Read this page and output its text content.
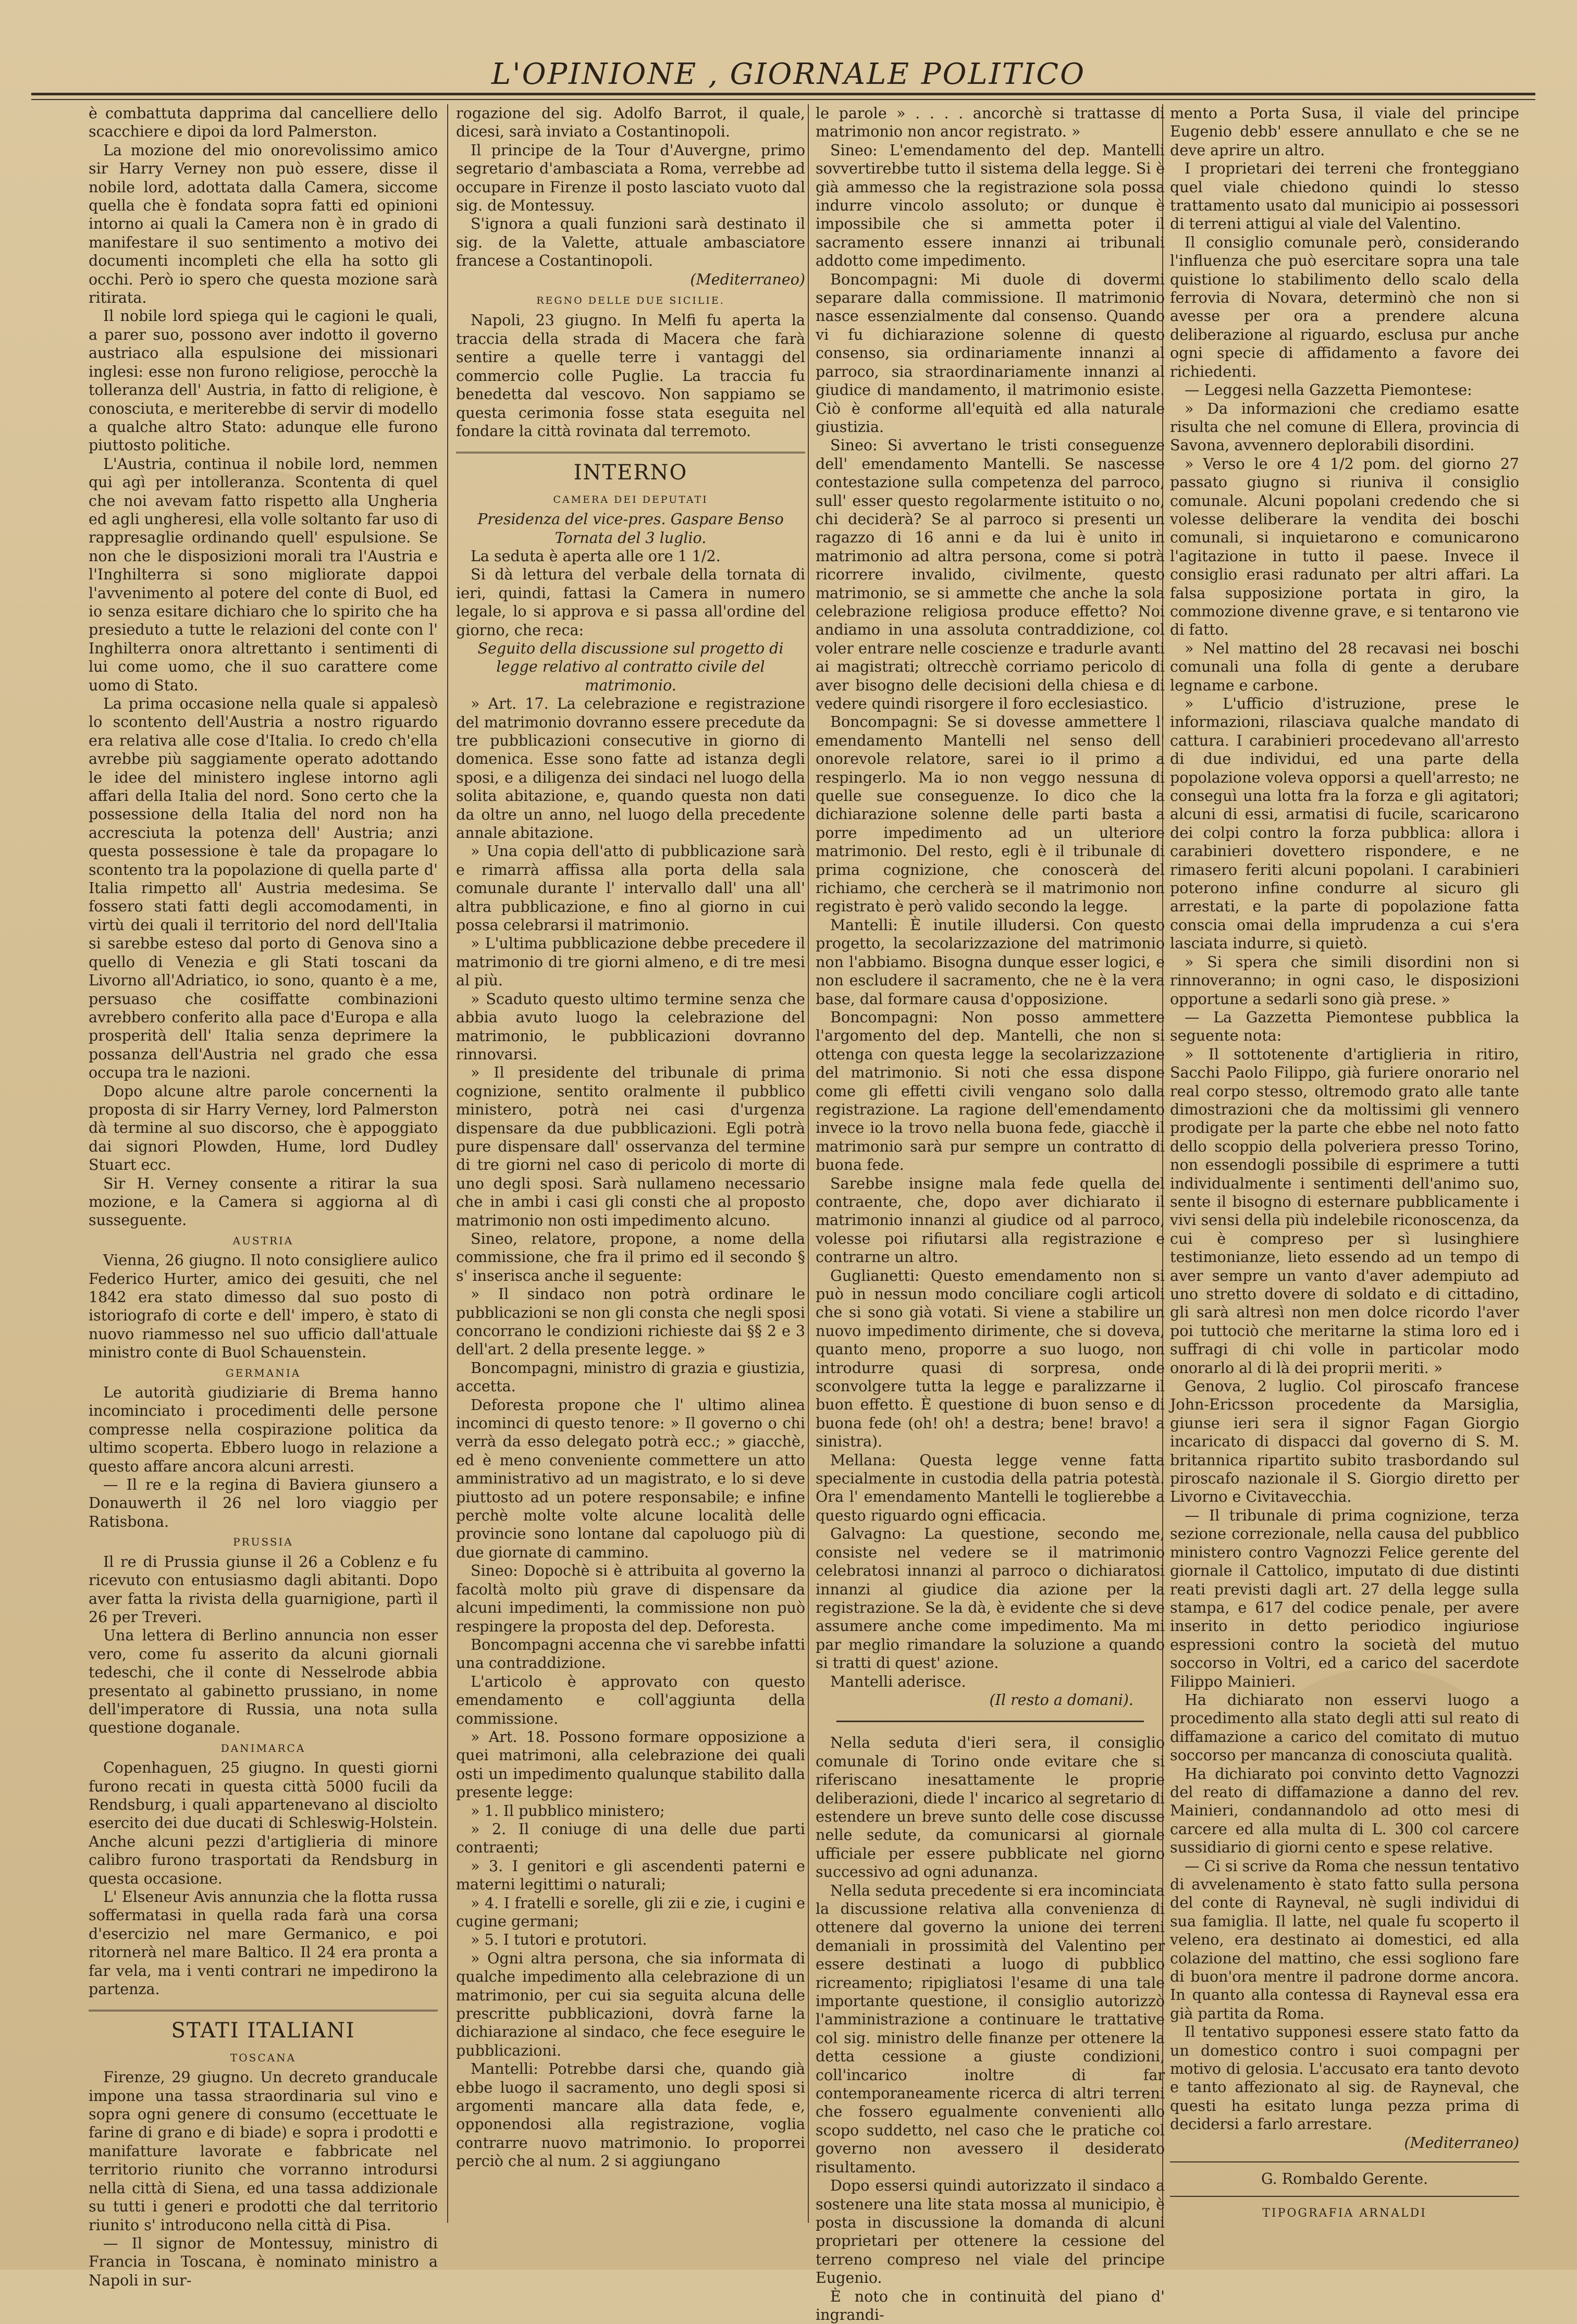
L'OPINIONE , GIORNALE POLITICO

è combattuta dapprima dal cancelliere dello scacchiere e dipoi da lord Palmerston.

La mozione del mio onorevolissimo amico sir Harry Verney non può essere, disse il nobile lord, adottata dalla Camera, siccome quella che è fondata sopra fatti ed opinioni intorno ai quali la Camera non è in grado di manifestare il suo sentimento a motivo dei documenti incompleti che ella ha sotto gli occhi. Però io spero che questa mozione sarà ritirata.

Il nobile lord spiega qui le cagioni le quali, a parer suo, possono aver indotto il governo austriaco alla espulsione dei missionari inglesi: esse non furono religiose, perocchè la tolleranza dell' Austria, in fatto di religione, è conosciuta, e meriterebbe di servir di modello a qualche altro Stato: adunque elle furono piuttosto politiche.

L'Austria, continua il nobile lord, nemmen qui agì per intolleranza. Scontenta di quel che noi avevam fatto rispetto alla Ungheria ed agli ungheresi, ella volle soltanto far uso di rappresaglie ordinando quell' espulsione. Se non che le disposizioni morali tra l'Austria e l'Inghilterra si sono migliorate dappoi l'avvenimento al potere del conte di Buol, ed io senza esitare dichiaro che lo spirito che ha presieduto a tutte le relazioni del conte con l' Inghilterra onora altrettanto i sentimenti di lui come uomo, che il suo carattere come uomo di Stato.

La prima occasione nella quale si appalesò lo scontento dell'Austria a nostro riguardo era relativa alle cose d'Italia. Io credo ch'ella avrebbe più saggiamente operato adottando le idee del ministero inglese intorno agli affari della Italia del nord. Sono certo che la possessione della Italia del nord non ha accresciuta la potenza dell' Austria; anzi questa possessione è tale da propagare lo scontento tra la popolazione di quella parte d' Italia rimpetto all' Austria medesima. Se fossero stati fatti degli accomodamenti, in virtù dei quali il territorio del nord dell'Italia si sarebbe esteso dal porto di Genova sino a quello di Venezia e gli Stati toscani da Livorno all'Adriatico, io sono, quanto è a me, persuaso che cosiffatte combinazioni avrebbero conferito alla pace d'Europa e alla prosperità dell' Italia senza deprimere la possanza dell'Austria nel grado che essa occupa tra le nazioni.

Dopo alcune altre parole concernenti la proposta di sir Harry Verney, lord Palmerston dà termine al suo discorso, che è appoggiato dai signori Plowden, Hume, lord Dudley Stuart ecc.

Sir H. Verney consente a ritirar la sua mozione, e la Camera si aggiorna al dì susseguente.

AUSTRIA

Vienna, 26 giugno. Il noto consigliere aulico Federico Hurter, amico dei gesuiti, che nel 1842 era stato dimesso dal suo posto di istoriografo di corte e dell' impero, è stato di nuovo riammesso nel suo ufficio dall'attuale ministro conte di Buol Schauenstein.

GERMANIA

Le autorità giudiziarie di Brema hanno incominciato i procedimenti delle persone compresse nella cospirazione politica da ultimo scoperta. Ebbero luogo in relazione a questo affare ancora alcuni arresti.

— Il re e la regina di Baviera giunsero a Donauwerth il 26 nel loro viaggio per Ratisbona.

PRUSSIA

Il re di Prussia giunse il 26 a Coblenz e fu ricevuto con entusiasmo dagli abitanti. Dopo aver fatta la rivista della guarnigione, partì il 26 per Treveri.

Una lettera di Berlino annuncia non esser vero, come fu asserito da alcuni giornali tedeschi, che il conte di Nesselrode abbia presentato al gabinetto prussiano, in nome dell'imperatore di Russia, una nota sulla questione doganale.

DANIMARCA

Copenhaguen, 25 giugno. In questi giorni furono recati in questa città 5000 fucili da Rendsburg, i quali appartenevano al disciolto esercito dei due ducati di Schleswig-Holstein. Anche alcuni pezzi d'artiglieria di minore calibro furono trasportati da Rendsburg in questa occasione.

L' Elseneur Avis annunzia che la flotta russa soffermatasi in quella rada farà una corsa d'esercizio nel mare Germanico, e poi ritornerà nel mare Baltico. Il 24 era pronta a far vela, ma i venti contrari ne impedirono la partenza.

STATI ITALIANI
TOSCANA

Firenze, 29 giugno. Un decreto granducale impone una tassa straordinaria sul vino e sopra ogni genere di consumo (eccettuate le farine di grano e di biade) e sopra i prodotti e manifatture lavorate e fabbricate nel territorio riunito che vorranno introdursi nella città di Siena, ed una tassa addizionale su tutti i generi e prodotti che dal territorio riunito s' introducono nella città di Pisa.

— Il signor de Montessuy, ministro di Francia in Toscana, è nominato ministro a Napoli in sur-

rogazione del sig. Adolfo Barrot, il quale, dicesi, sarà inviato a Costantinopoli.

Il principe de la Tour d'Auvergne, primo segretario d'ambasciata a Roma, verrebbe ad occupare in Firenze il posto lasciato vuoto dal sig. de Montessuy.

S'ignora a quali funzioni sarà destinato il sig. de la Valette, attuale ambasciatore francese a Costantinopoli.

(Mediterraneo)
REGNO DELLE DUE SICILIE.

Napoli, 23 giugno. In Melfi fu aperta la traccia della strada di Macera che farà sentire a quelle terre i vantaggi del commercio colle Puglie. La traccia fu benedetta dal vescovo. Non sappiamo se questa cerimonia fosse stata eseguita nel fondare la città rovinata dal terremoto.

INTERNO
CAMERA DEI DEPUTATI
Presidenza del vice-pres. Gaspare Benso
Tornata del 3 luglio.

La seduta è aperta alle ore 1 1/2.

Si dà lettura del verbale della tornata di ieri, quindi, fattasi la Camera in numero legale, lo si approva e si passa all'ordine del giorno, che reca:

Seguito della discussione sul progetto di legge relativo al contratto civile del matrimonio.

» Art. 17. La celebrazione e registrazione del matrimonio dovranno essere precedute da tre pubblicazioni consecutive in giorno di domenica. Esse sono fatte ad istanza degli sposi, e a diligenza dei sindaci nel luogo della solita abitazione, e, quando questa non dati da oltre un anno, nel luogo della precedente annale abitazione.

» Una copia dell'atto di pubblicazione sarà e rimarrà affissa alla porta della sala comunale durante l' intervallo dall' una all' altra pubblicazione, e fino al giorno in cui possa celebrarsi il matrimonio.

» L'ultima pubblicazione debbe precedere il matrimonio di tre giorni almeno, e di tre mesi al più.

» Scaduto questo ultimo termine senza che abbia avuto luogo la celebrazione del matrimonio, le pubblicazioni dovranno rinnovarsi.

» Il presidente del tribunale di prima cognizione, sentito oralmente il pubblico ministero, potrà nei casi d'urgenza dispensare da due pubblicazioni. Egli potrà pure dispensare dall' osservanza del termine di tre giorni nel caso di pericolo di morte di uno degli sposi. Sarà nullameno necessario che in ambi i casi gli consti che al proposto matrimonio non osti impedimento alcuno.

Sineo, relatore, propone, a nome della commissione, che fra il primo ed il secondo § s' inserisca anche il seguente:

» Il sindaco non potrà ordinare le pubblicazioni se non gli consta che negli sposi concorrano le condizioni richieste dai §§ 2 e 3 dell'art. 2 della presente legge. »

Boncompagni, ministro di grazia e giustizia, accetta.

Deforesta propone che l' ultimo alinea incominci di questo tenore: » Il governo o chi verrà da esso delegato potrà ecc.; » giacchè, ed è meno conveniente commettere un atto amministrativo ad un magistrato, e lo si deve piuttosto ad un potere responsabile; e infine perchè molte volte alcune località delle provincie sono lontane dal capoluogo più di due giornate di cammino.

Sineo: Dopochè si è attribuita al governo la facoltà molto più grave di dispensare da alcuni impedimenti, la commissione non può respingere la proposta del dep. Deforesta.

Boncompagni accenna che vi sarebbe infatti una contraddizione.

L'articolo è approvato con questo emendamento e coll'aggiunta della commissione.

» Art. 18. Possono formare opposizione a quei matrimoni, alla celebrazione dei quali osti un impedimento qualunque stabilito dalla presente legge:

» 1. Il pubblico ministero;

» 2. Il coniuge di una delle due parti contraenti;

» 3. I genitori e gli ascendenti paterni e materni legittimi o naturali;

» 4. I fratelli e sorelle, gli zii e zie, i cugini e cugine germani;

» 5. I tutori e protutori.

» Ogni altra persona, che sia informata di qualche impedimento alla celebrazione di un matrimonio, per cui sia seguita alcuna delle prescritte pubblicazioni, dovrà farne la dichiarazione al sindaco, che fece eseguire le pubblicazioni.

Mantelli: Potrebbe darsi che, quando già ebbe luogo il sacramento, uno degli sposi si argomenti mancare alla data fede, e, opponendosi alla registrazione, voglia contrarre nuovo matrimonio. Io proporrei perciò che al num. 2 si aggiungano

le parole » . . . . ancorchè si trattasse di matrimonio non ancor registrato. »

Sineo: L'emendamento del dep. Mantelli sovvertirebbe tutto il sistema della legge. Si è già ammesso che la registrazione sola possa indurre vincolo assoluto; or dunque è impossibile che si ammetta poter il sacramento essere innanzi ai tribunali addotto come impedimento.

Boncompagni: Mi duole di dovermi separare dalla commissione. Il matrimonio nasce essenzialmente dal consenso. Quando vi fu dichiarazione solenne di questo consenso, sia ordinariamente innanzi al parroco, sia straordinariamente innanzi al giudice di mandamento, il matrimonio esiste. Ciò è conforme all'equità ed alla naturale giustizia.

Sineo: Si avvertano le tristi conseguenze dell' emendamento Mantelli. Se nascesse contestazione sulla competenza del parroco, sull' esser questo regolarmente istituito o no, chi deciderà? Se al parroco si presenti un ragazzo di 16 anni e da lui è unito in matrimonio ad altra persona, come si potrà ricorrere invalido, civilmente, questo matrimonio, se si ammette che anche la sola celebrazione religiosa produce effetto? Noi andiamo in una assoluta contraddizione, col voler entrare nelle coscienze e tradurle avanti ai magistrati; oltrecchè corriamo pericolo di aver bisogno delle decisioni della chiesa e di vedere quindi risorgere il foro ecclesiastico.

Boncompagni: Se si dovesse ammettere l' emendamento Mantelli nel senso dell' onorevole relatore, sarei io il primo a respingerlo. Ma io non veggo nessuna di quelle sue conseguenze. Io dico che la dichiarazione solenne delle parti basta a porre impedimento ad un ulteriore matrimonio. Del resto, egli è il tribunale di prima cognizione, che conoscerà del richiamo, che cercherà se il matrimonio non registrato è però valido secondo la legge.

Mantelli: È inutile illudersi. Con questo progetto, la secolarizzazione del matrimonio non l'abbiamo. Bisogna dunque esser logici, e non escludere il sacramento, che ne è la vera base, dal formare causa d'opposizione.

Boncompagni: Non posso ammettere l'argomento del dep. Mantelli, che non si ottenga con questa legge la secolarizzazione del matrimonio. Si noti che essa dispone come gli effetti civili vengano solo dalla registrazione. La ragione dell'emendamento invece io la trovo nella buona fede, giacchè il matrimonio sarà pur sempre un contratto di buona fede.

Sarebbe insigne mala fede quella del contraente, che, dopo aver dichiarato il matrimonio innanzi al giudice od al parroco, volesse poi rifiutarsi alla registrazione e contrarne un altro.

Guglianetti: Questo emendamento non si può in nessun modo conciliare cogli articoli che si sono già votati. Si viene a stabilire un nuovo impedimento dirimente, che si doveva, quanto meno, proporre a suo luogo, non introdurre quasi di sorpresa, onde sconvolgere tutta la legge e paralizzarne il buon effetto. È questione di buon senso e di buona fede (oh! oh! a destra; bene! bravo! a sinistra).

Mellana: Questa legge venne fatta specialmente in custodia della patria potestà. Ora l' emendamento Mantelli le toglierebbe a questo riguardo ogni efficacia.

Galvagno: La questione, secondo me, consiste nel vedere se il matrimonio celebratosi innanzi al parroco o dichiaratosi innanzi al giudice dia azione per la registrazione. Se la dà, è evidente che si deve assumere anche come impedimento. Ma mi par meglio rimandare la soluzione a quando si tratti di quest' azione.

Mantelli aderisce.

(Il resto a domani).

Nella seduta d'ieri sera, il consiglio comunale di Torino onde evitare che si riferiscano inesattamente le proprie deliberazioni, diede l' incarico al segretario di estendere un breve sunto delle cose discusse nelle sedute, da comunicarsi al giornale ufficiale per essere pubblicate nel giorno successivo ad ogni adunanza.

Nella seduta precedente si era incominciata la discussione relativa alla convenienza di ottenere dal governo la unione dei terreni demaniali in prossimità del Valentino per essere destinati a luogo di pubblico ricreamento; ripigliatosi l'esame di una tale importante questione, il consiglio autorizzò l'amministrazione a continuare le trattative col sig. ministro delle finanze per ottenere la detta cessione a giuste condizioni, coll'incarico inoltre di far contemporaneamente ricerca di altri terreni che fossero egualmente convenienti allo scopo suddetto, nel caso che le pratiche col governo non avessero il desiderato risultamento.

Dopo essersi quindi autorizzato il sindaco a sostenere una lite stata mossa al municipio, è posta in discussione la domanda di alcuni proprietari per ottenere la cessione del terreno compreso nel viale del principe Eugenio.

È noto che in continuità del piano d' ingrandi-

mento a Porta Susa, il viale del principe Eugenio debb' essere annullato e che se ne deve aprire un altro.

I proprietari dei terreni che fronteggiano quel viale chiedono quindi lo stesso trattamento usato dal municipio ai possessori di terreni attigui al viale del Valentino.

Il consiglio comunale però, considerando l'influenza che può esercitare sopra una tale quistione lo stabilimento dello scalo della ferrovia di Novara, determinò che non si avesse per ora a prendere alcuna deliberazione al riguardo, esclusa pur anche ogni specie di affidamento a favore dei richiedenti.

— Leggesi nella Gazzetta Piemontese:

» Da informazioni che crediamo esatte risulta che nel comune di Ellera, provincia di Savona, avvennero deplorabili disordini.

» Verso le ore 4 1/2 pom. del giorno 27 passato giugno si riuniva il consiglio comunale. Alcuni popolani credendo che si volesse deliberare la vendita dei boschi comunali, si inquietarono e comunicarono l'agitazione in tutto il paese. Invece il consiglio erasi radunato per altri affari. La falsa supposizione portata in giro, la commozione divenne grave, e si tentarono vie di fatto.

» Nel mattino del 28 recavasi nei boschi comunali una folla di gente a derubare legname e carbone.

» L'ufficio d'istruzione, prese le informazioni, rilasciava qualche mandato di cattura. I carabinieri procedevano all'arresto di due individui, ed una parte della popolazione voleva opporsi a quell'arresto; ne conseguì una lotta fra la forza e gli agitatori; alcuni di essi, armatisi di fucile, scaricarono dei colpi contro la forza pubblica: allora i carabinieri dovettero rispondere, e ne rimasero feriti alcuni popolani. I carabinieri poterono infine condurre al sicuro gli arrestati, e la parte di popolazione fatta conscia omai della imprudenza a cui s'era lasciata indurre, si quietò.

» Si spera che simili disordini non si rinnoveranno; in ogni caso, le disposizioni opportune a sedarli sono già prese. »

— La Gazzetta Piemontese pubblica la seguente nota:

» Il sottotenente d'artiglieria in ritiro, Sacchi Paolo Filippo, già furiere onorario nel real corpo stesso, oltremodo grato alle tante dimostrazioni che da moltissimi gli vennero prodigate per la parte che ebbe nel noto fatto dello scoppio della polveriera presso Torino, non essendogli possibile di esprimere a tutti individualmente i sentimenti dell'animo suo, sente il bisogno di esternare pubblicamente i vivi sensi della più indelebile riconoscenza, da cui è compreso per sì lusinghiere testimonianze, lieto essendo ad un tempo di aver sempre un vanto d'aver adempiuto ad uno stretto dovere di soldato e di cittadino, gli sarà altresì non men dolce ricordo l'aver poi tuttociò che meritarne la stima loro ed i suffragi di chi volle in particolar modo onorarlo al di là dei proprii meriti. »

Genova, 2 luglio. Col piroscafo francese John-Ericsson procedente da Marsiglia, giunse ieri sera il signor Fagan Giorgio incaricato di dispacci dal governo di S. M. britannica ripartito subito trasbordando sul piroscafo nazionale il S. Giorgio diretto per Livorno e Civitavecchia.

— Il tribunale di prima cognizione, terza sezione correzionale, nella causa del pubblico ministero contro Vagnozzi Felice gerente del giornale il Cattolico, imputato di due distinti reati previsti dagli art. 27 della legge sulla stampa, e 617 del codice penale, per avere inserito in detto periodico ingiuriose espressioni contro la società del mutuo soccorso in Voltri, ed a carico del sacerdote Filippo Mainieri.

Ha dichiarato non esservi luogo a procedimento alla stato degli atti sul reato di diffamazione a carico del comitato di mutuo soccorso per mancanza di conosciuta qualità.

Ha dichiarato poi convinto detto Vagnozzi del reato di diffamazione a danno del rev. Mainieri, condannandolo ad otto mesi di carcere ed alla multa di L. 300 col carcere sussidiario di giorni cento e spese relative.

— Ci si scrive da Roma che nessun tentativo di avvelenamento è stato fatto sulla persona del conte di Rayneval, nè sugli individui di sua famiglia. Il latte, nel quale fu scoperto il veleno, era destinato ai domestici, ed alla colazione del mattino, che essi sogliono fare di buon'ora mentre il padrone dorme ancora. In quanto alla contessa di Rayneval essa era già partita da Roma.

Il tentativo supponesi essere stato fatto da un domestico contro i suoi compagni per motivo di gelosia. L'accusato era tanto devoto e tanto affezionato al sig. de Rayneval, che questi ha esitato lunga pezza prima di decidersi a farlo arrestare.

(Mediterraneo)
G. Rombaldo Gerente.
TIPOGRAFIA ARNALDI
